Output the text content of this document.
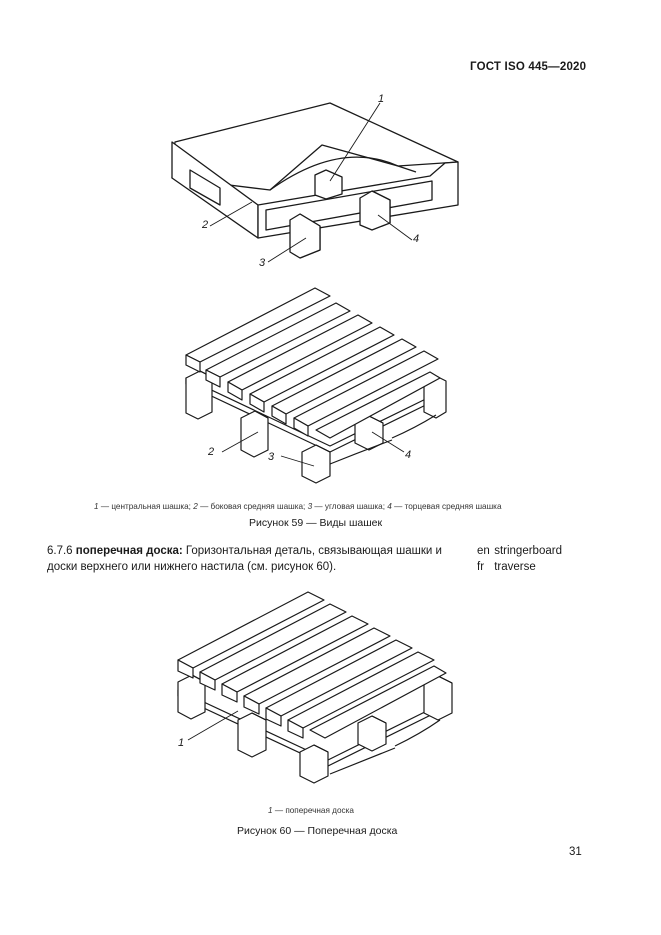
ГОСТ ISO 445—2020
1
2
3
4
2	3	4
1 — центральная шашка; 2 — боковая средняя шашка; 3 — угловая шашка; 4 — торцевая средняя шашка
Рисунок 59 — Виды шашек
6.7.6 поперечная доска: Горизонтальная деталь, связывающая шашки и доски верхнего или нижнего настила (см. рисунок 60).
en stringerboard
fr traverse
1
1 — поперечная доска
Рисунок 60 — Поперечная доска
31
